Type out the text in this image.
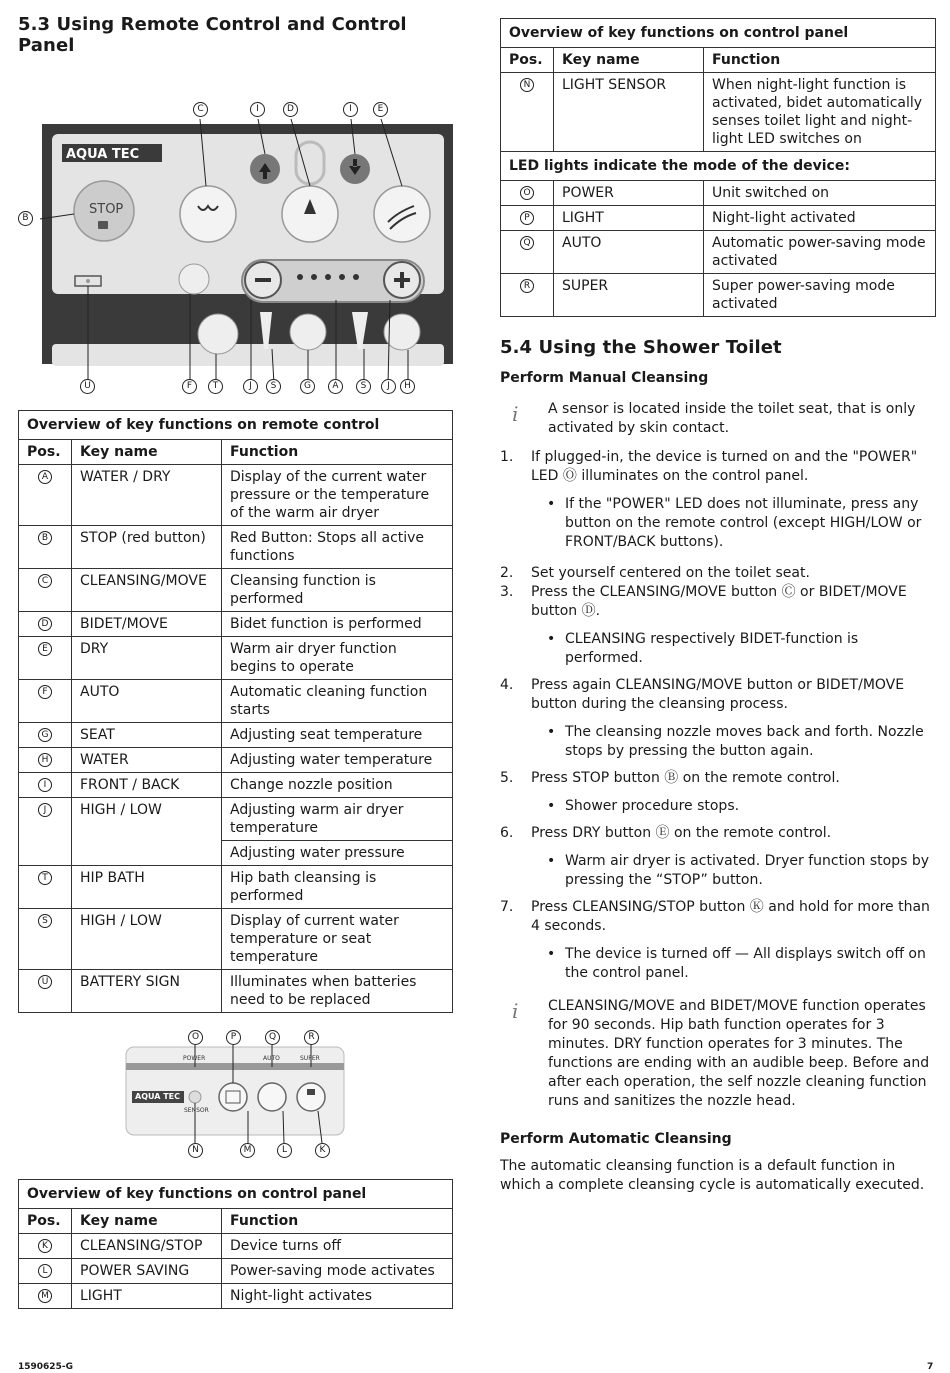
5.3 Using Remote Control and Control Panel
AQUA TEC
STOP
C	I	D	I	E
B
U	F	T	J	S	G	A	S	J	H
Overview of key functions on remote control		
Pos.	Key name	Function
A	WATER / DRY	Display of the current water pressure or the temperature of the warm air dryer
B	STOP (red button)	Red Button: Stops all active functions
C	CLEANSING/MOVE	Cleansing function is performed
D	BIDET/MOVE	Bidet function is performed
E	DRY	Warm air dryer function begins to operate
F	AUTO	Automatic cleaning function starts
G	SEAT	Adjusting seat temperature
H	WATER	Adjusting water temperature
I	FRONT / BACK	Change nozzle position
J	HIGH / LOW	Adjusting warm air dryer temperature
		Adjusting water pressure
T	HIP BATH	Hip bath cleansing is performed
S	HIGH / LOW	Display of current water temperature or seat temperature
U	BATTERY SIGN	Illuminates when batteries need to be replaced
AQUA TEC
POWER	AUTO	SUPER
SENSOR
O	P	Q	R
N	M	L	K
Overview of key functions on control panel		
Pos.	Key name	Function
K	CLEANSING/STOP	Device turns off
L	POWER SAVING	Power-saving mode activates
M	LIGHT	Night-light activates
Overview of key functions on control panel		
Pos.	Key name	Function
N	LIGHT SENSOR	When night-light function is activated, bidet automatically senses toilet light and night-light LED switches on
LED lights indicate the mode of the device:		
O	POWER	Unit switched on
P	LIGHT	Night-light activated
Q	AUTO	Automatic power-saving mode activated
R	SUPER	Super power-saving mode activated
5.4 Using the Shower Toilet
Perform Manual Cleansing
i A sensor is located inside the toilet seat, that is only activated by skin contact.

1. If plugged-in, the device is turned on and the "POWER" LED Ⓞ illuminates on the control panel.

• If the "POWER" LED does not illuminate, press any button on the remote control (except HIGH/LOW or FRONT/BACK buttons).

2. Set yourself centered on the toilet seat.

3. Press the CLEANSING/MOVE button Ⓒ or BIDET/MOVE button Ⓓ.

• CLEANSING respectively BIDET-function is performed.

4. Press again CLEANSING/MOVE button or BIDET/MOVE button during the cleansing process.

• The cleansing nozzle moves back and forth. Nozzle stops by pressing the button again.

5. Press STOP button Ⓑ on the remote control.

• Shower procedure stops.

6. Press DRY button Ⓔ on the remote control.

• Warm air dryer is activated. Dryer function stops by pressing the “STOP” button.

7. Press CLEANSING/STOP button Ⓚ and hold for more than 4 seconds.

• The device is turned off — All displays switch off on the control panel.

i CLEANSING/MOVE and BIDET/MOVE function operates for 90 seconds. Hip bath function operates for 3 minutes. DRY function operates for 3 minutes. The functions are ending with an audible beep. Before and after each operation, the self nozzle cleaning function runs and sanitizes the nozzle head.

Perform Automatic Cleansing

The automatic cleansing function is a default function in which a complete cleansing cycle is automatically executed.

1590625-G	7
